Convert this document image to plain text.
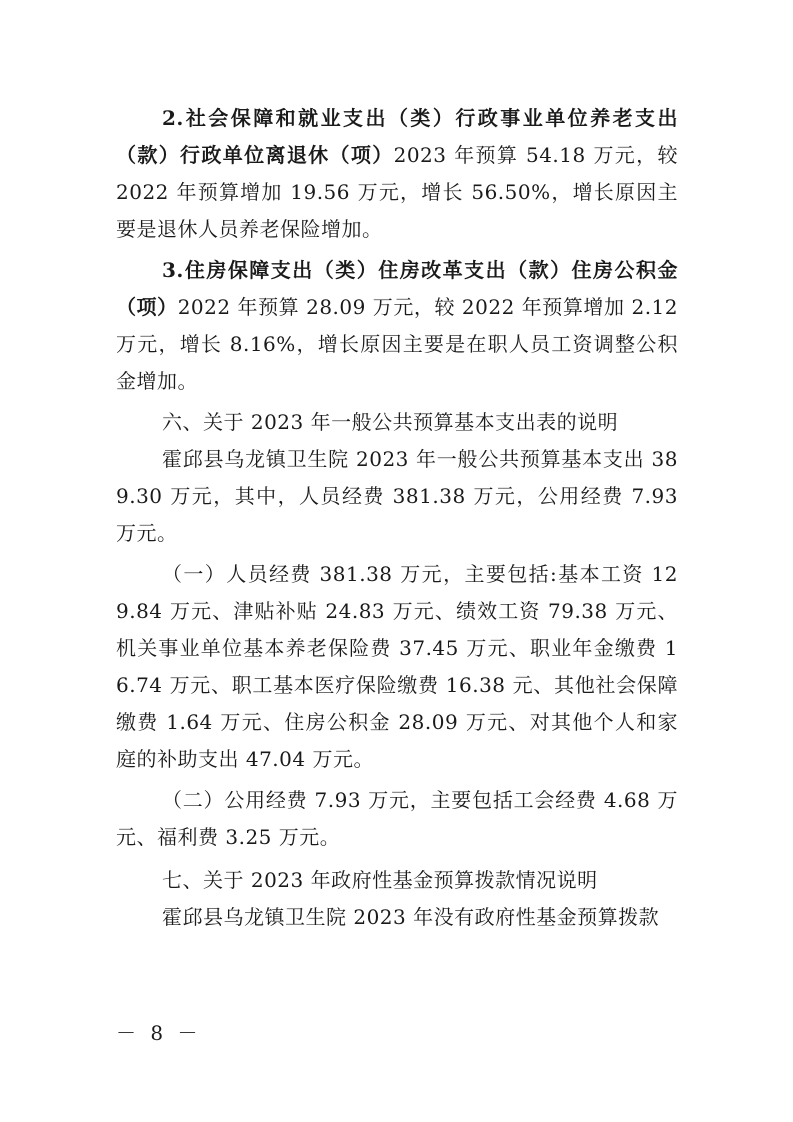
2.社会保障和就业支出（类）行政事业单位养老支出（款）行政单位离退休（项）2023 年预算 54.18 万元，较 2022 年预算增加 19.56 万元，增长 56.50%，增长原因主要是退休人员养老保险增加。

3.住房保障支出（类）住房改革支出（款）住房公积金（项）2022 年预算 28.09 万元，较 2022 年预算增加 2.12 万元，增长 8.16%，增长原因主要是在职人员工资调整公积金增加。

六、关于 2023 年一般公共预算基本支出表的说明

霍邱县乌龙镇卫生院 2023 年一般公共预算基本支出 389.30 万元，其中，人员经费 381.38 万元，公用经费 7.93 万元。

（一）人员经费 381.38 万元，主要包括:基本工资 129.84 万元、津贴补贴 24.83 万元、绩效工资 79.38 万元、机关事业单位基本养老保险费 37.45 万元、职业年金缴费 16.74 万元、职工基本医疗保险缴费 16.38 元、其他社会保障缴费 1.64 万元、住房公积金 28.09 万元、对其他个人和家庭的补助支出 47.04 万元。

（二）公用经费 7.93 万元，主要包括工会经费 4.68 万元、福利费 3.25 万元。

七、关于 2023 年政府性基金预算拨款情况说明

霍邱县乌龙镇卫生院 2023 年没有政府性基金预算拨款

－ 8 －
